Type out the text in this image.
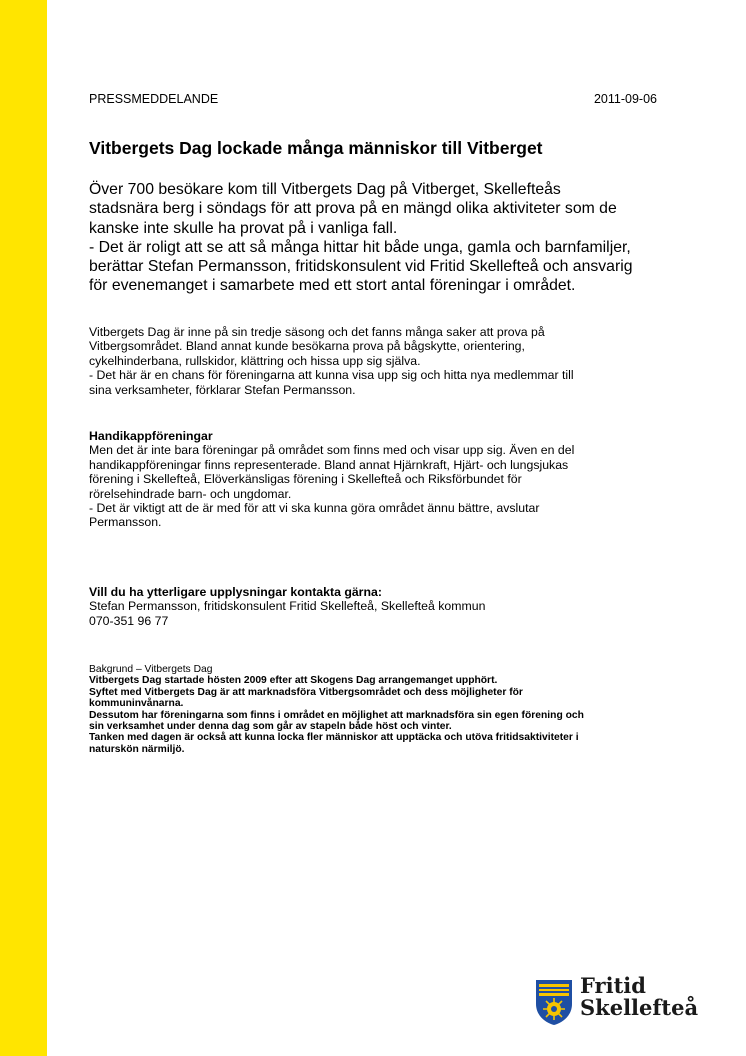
PRESSMEDDELANDE	2011-09-06
Vitbergets Dag lockade många människor till Vitberget

Över 700 besökare kom till Vitbergets Dag på Vitberget, Skellefteås
stadsnära berg i söndags för att prova på en mängd olika aktiviteter som de
kanske inte skulle ha provat på i vanliga fall.
- Det är roligt att se att så många hittar hit både unga, gamla och barnfamiljer,
berättar Stefan Permansson, fritidskonsulent vid Fritid Skellefteå och ansvarig
för evenemanget i samarbete med ett stort antal föreningar i området.

Vitbergets Dag är inne på sin tredje säsong och det fanns många saker att prova på
Vitbergsområdet. Bland annat kunde besökarna prova på bågskytte, orientering,
cykelhinderbana, rullskidor, klättring och hissa upp sig själva.
- Det här är en chans för föreningarna att kunna visa upp sig och hitta nya medlemmar till
sina verksamheter, förklarar Stefan Permansson.

Handikappföreningar

Men det är inte bara föreningar på området som finns med och visar upp sig. Även en del
handikappföreningar finns representerade. Bland annat Hjärnkraft, Hjärt- och lungsjukas
förening i Skellefteå, Elöverkänsligas förening i Skellefteå och Riksförbundet för
rörelsehindrade barn- och ungdomar.
- Det är viktigt att de är med för att vi ska kunna göra området ännu bättre, avslutar
Permansson.

Vill du ha ytterligare upplysningar kontakta gärna:
Stefan Permansson, fritidskonsulent Fritid Skellefteå, Skellefteå kommun
070-351 96 77
Bakgrund – Vitbergets Dag
Vitbergets Dag startade hösten 2009 efter att Skogens Dag arrangemanget upphört.
Syftet med Vitbergets Dag är att marknadsföra Vitbergsområdet och dess möjligheter för
kommuninvånarna.
Dessutom har föreningarna som finns i området en möjlighet att marknadsföra sin egen förening och
sin verksamhet under denna dag som går av stapeln både höst och vinter.
Tanken med dagen är också att kunna locka fler människor att upptäcka och utöva fritidsaktiviteter i
naturskön närmiljö.
Fritid
Skellefteå
